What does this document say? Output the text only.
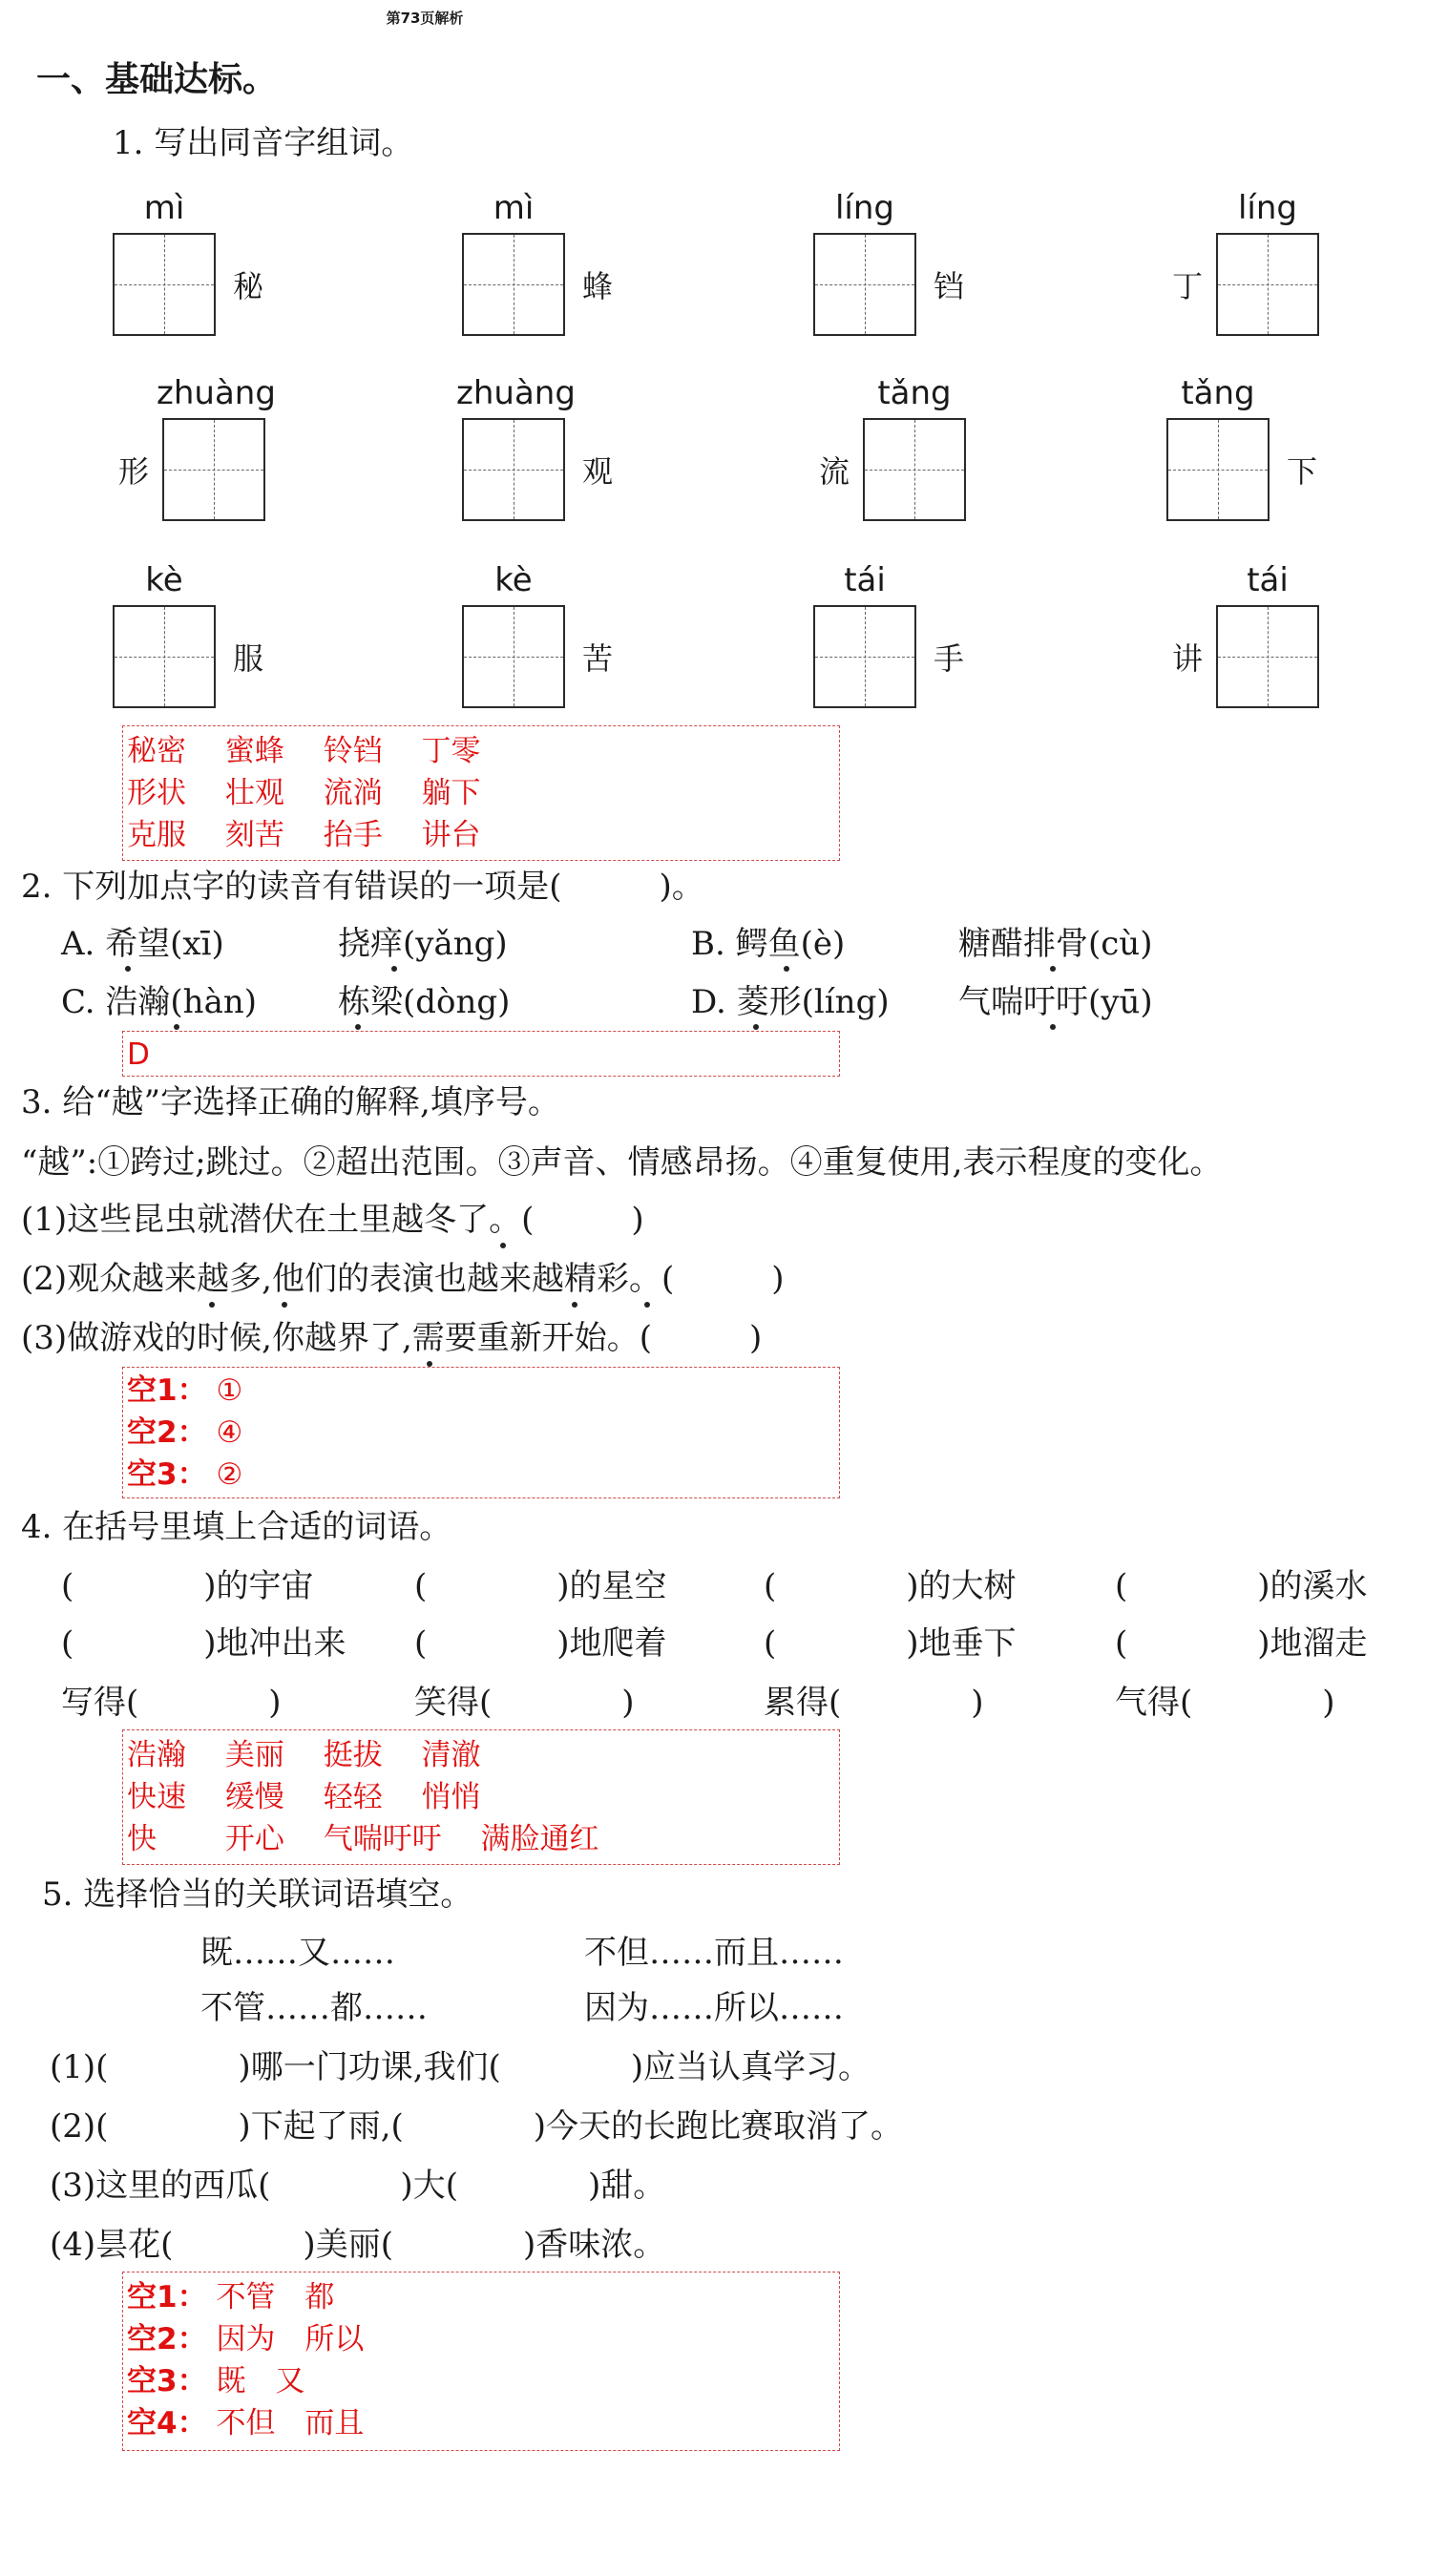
第73页解析
一、基础达标。
1. 写出同音字组词。
mì
秘
mì
蜂
líng
铛
líng
丁
zhuàng
形
zhuàng
观
tǎng
流
tǎng
下
kè
服
kè
苦
tái
手
tái
讲
秘密　 蜜蜂　 铃铛　 丁零
形状　 壮观　 流淌　 躺下
克服　 刻苦　 抬手　 讲台
2. 下列加点字的读音有错误的一项是(　　　)。
A. 希望(xī)	挠痒(yǎng)	B. 鳄鱼(è)	糖醋排骨(cù)
C. 浩瀚(hàn) 栋梁(dòng)	D. 菱形(líng) 气喘吁吁(yū)
D
3. 给“越”字选择正确的解释,填序号。
“越”:①跨过;跳过。②超出范围。③声音、情感昂扬。④重复使用,表示程度的变化。
(1)这些昆虫就潜伏在土里越冬了。(　　　)
(2)观众越来越多,他们的表演也越来越精彩。(　　　)
(3)做游戏的时候,你越界了,需要重新开始。(　　　)
空1： ①
空2： ④
空3： ②
4. 在括号里填上合适的词语。
(　　　　)的宇宙	(　　　　)的星空	(　　　　)的大树	(　　　　)的溪水
(　　　　)地冲出来 (　　　　)地爬着	(　　　　)地垂下	(　　　　)地溜走
写得(　　　　)	笑得(　　　　)	累得(　　　　)	气得(　　　　)
浩瀚　 美丽　 挺拔　 清澈
快速　 缓慢　 轻轻　 悄悄
快　　 开心　 气喘吁吁　 满脸通红
5. 选择恰当的关联词语填空。
既……又……	不但……而且……
不管……都……	因为……所以……
(1)(　　　　)哪一门功课,我们(　　　　)应当认真学习。
(2)(　　　　)下起了雨,(　　　　)今天的长跑比赛取消了。
(3)这里的西瓜(　　　　)大(　　　　)甜。
(4)昙花(　　　　)美丽(　　　　)香味浓。
空1： 不管　都
空2： 因为　所以
空3： 既　又
空4： 不但　而且
